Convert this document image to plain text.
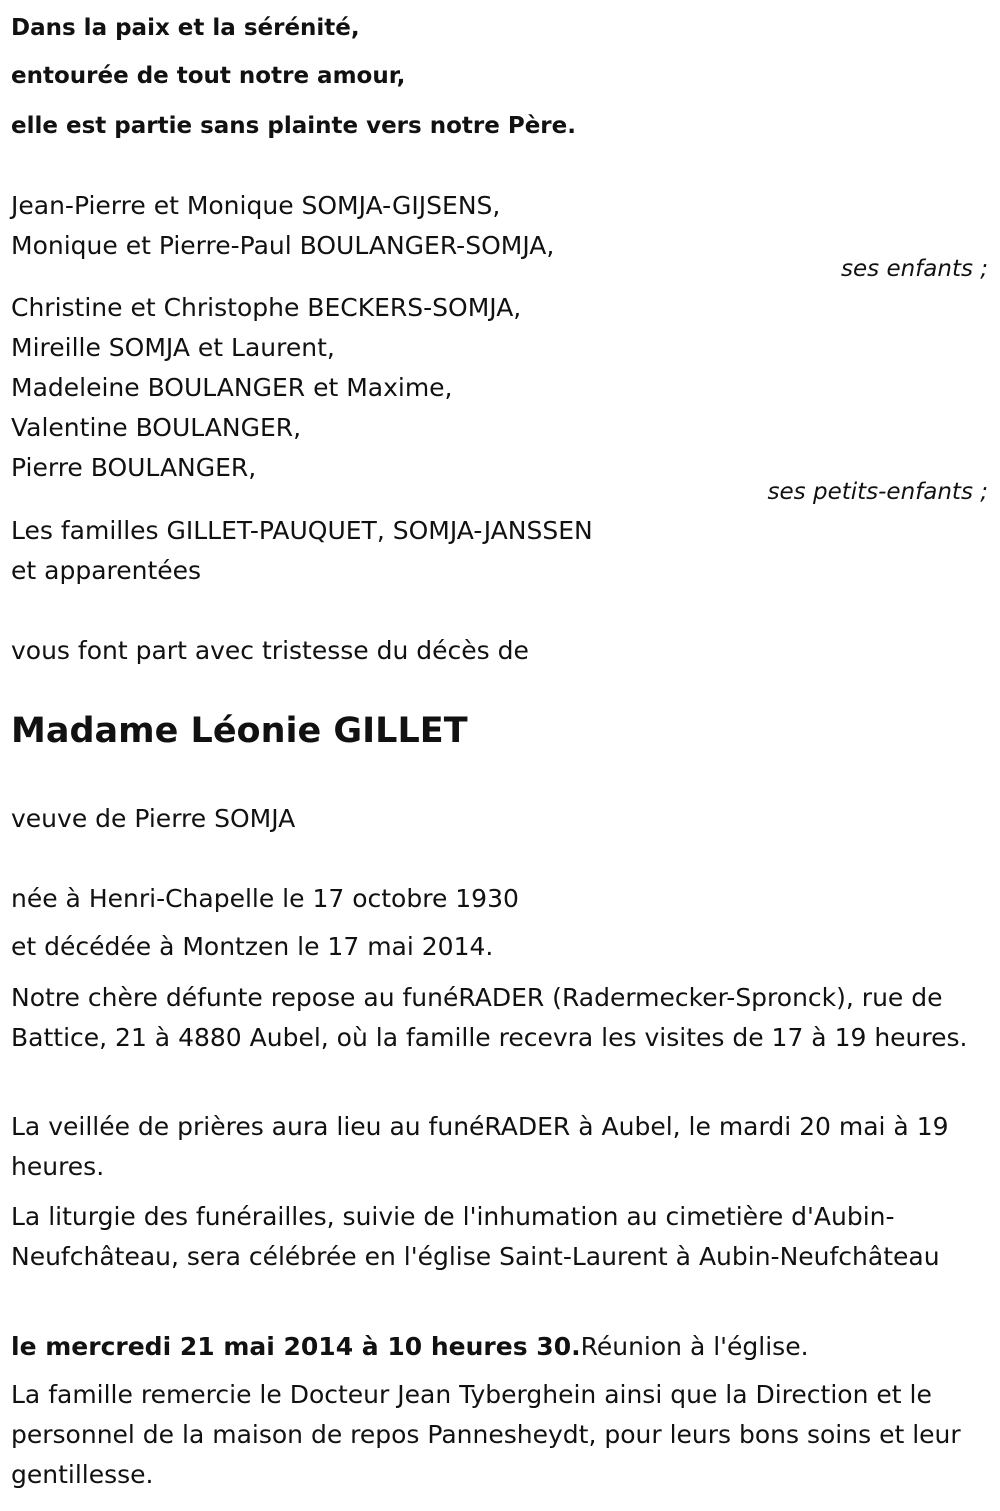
Dans la paix et la sérénité,
entourée de tout notre amour,
elle est partie sans plainte vers notre Père.
Jean-Pierre et Monique SOMJA-GIJSENS,
Monique et Pierre-Paul BOULANGER-SOMJA,
ses enfants ;
Christine et Christophe BECKERS-SOMJA,
Mireille SOMJA et Laurent,
Madeleine BOULANGER et Maxime,
Valentine BOULANGER,
Pierre BOULANGER,
ses petits-enfants ;
Les familles GILLET-PAUQUET, SOMJA-JANSSEN
et apparentées
vous font part avec tristesse du décès de
Madame Léonie GILLET
veuve de Pierre SOMJA
née à Henri-Chapelle le 17 octobre 1930
et décédée à Montzen le 17 mai 2014.
Notre chère défunte repose au funéRADER (Radermecker-Spronck), rue de Battice, 21 à 4880 Aubel, où la famille recevra les visites de 17 à 19 heures.
La veillée de prières aura lieu au funéRADER à Aubel, le mardi 20 mai à 19 heures.
La liturgie des funérailles, suivie de l'inhumation au cimetière d'Aubin-Neufchâteau, sera célébrée en l'église Saint-Laurent à Aubin-Neufchâteau
le mercredi 21 mai 2014 à 10 heures 30.Réunion à l'église.
La famille remercie le Docteur Jean Tyberghein ainsi que la Direction et le personnel de la maison de repos Pannesheydt, pour leurs bons soins et leur gentillesse.
